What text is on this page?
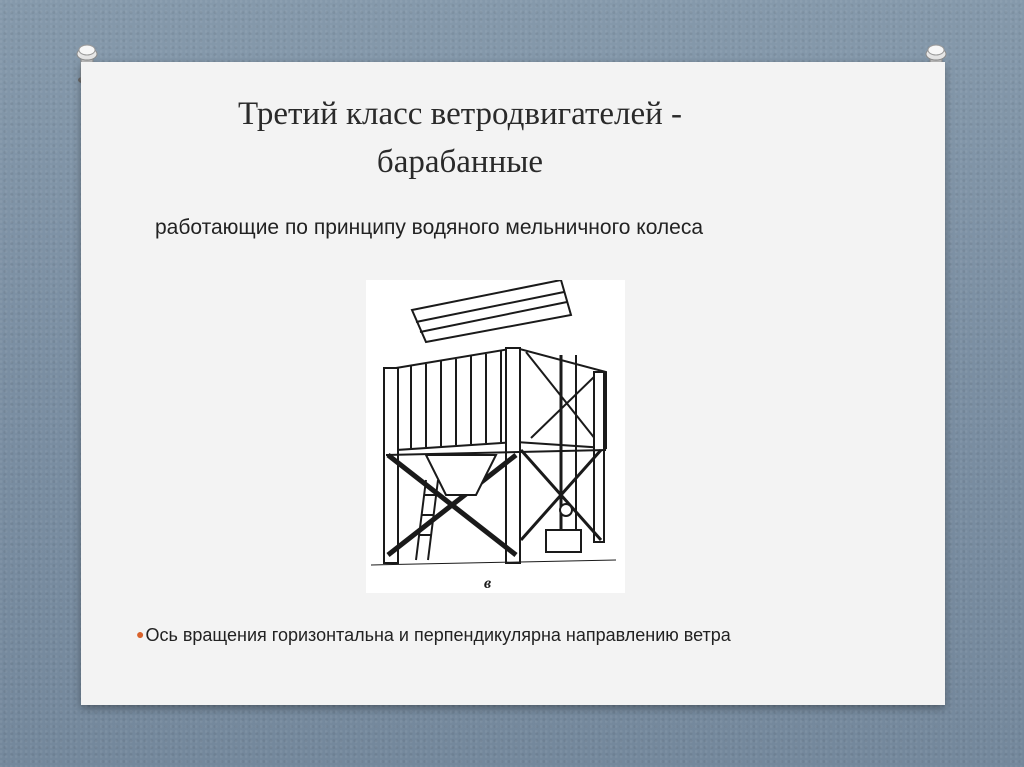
Третий класс ветродвигателей -
барабанные
работающие по принципу водяного мельничного колеса
в
●Ось вращения горизонтальна и перпендикулярна направлению ветра
